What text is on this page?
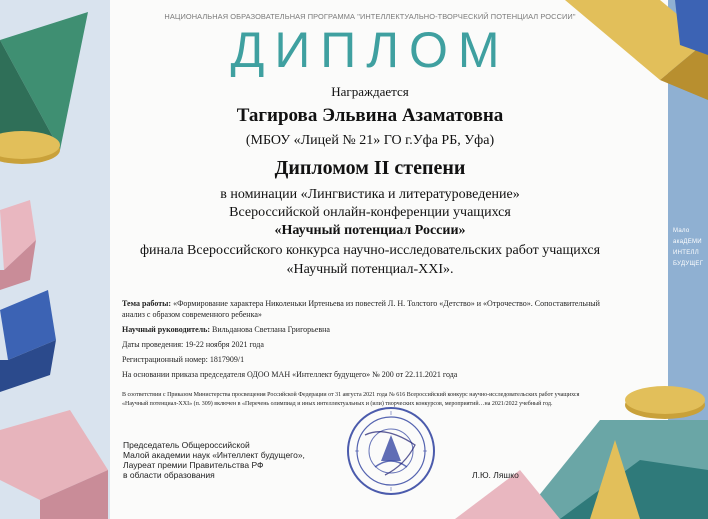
Мало
акаДЕМИ
ИНТЕЛЛ
БУДУЩЕГ
НАЦИОНАЛЬНАЯ ОБРАЗОВАТЕЛЬНАЯ ПРОГРАММА "ИНТЕЛЛЕКТУАЛЬНО-ТВОРЧЕСКИЙ ПОТЕНЦИАЛ РОССИИ"
ДИПЛОМ
Награждается
Тагирова Эльвина Азаматовна
(МБОУ «Лицей № 21» ГО г.Уфа РБ, Уфа)
Дипломом II степени
в номинации «Лингвистика и литературоведение»
Всероссийской онлайн-конференции учащихся
«Научный потенциал России»
финала Всероссийского конкурса научно-исследовательских работ учащихся
«Научный потенциал-XXI».
Тема работы: «Формирование характера Николеньки Иртеньева из повестей Л. Н. Толстого «Детство» и «Отрочество». Сопоставительный анализ с образом современного ребенка»
Научный руководитель: Вильданова Светлана Григорьевна
Даты проведения: 19-22 ноября 2021 года
Регистрационный номер: 1817909/1
На основании приказа председателя ОДОО МАН «Интеллект будущего» № 200 от 22.11.2021 года
В соответствии с Приказом Министерства просвещения Российской Федерации от 31 августа 2021 года № 616 Всероссийский конкурс научно-исследовательских работ учащихся
«Научный потенциал-XXI» (п. 309) включен в «Перечень олимпиад и иных интеллектуальных и (или) творческих конкурсов, мероприятий…на 2021/2022 учебный год.
Председатель Общероссийской
Малой академии наук «Интеллект будущего»,
Лауреат премии Правительства РФ
в области образования	Л.Ю. Ляшко
